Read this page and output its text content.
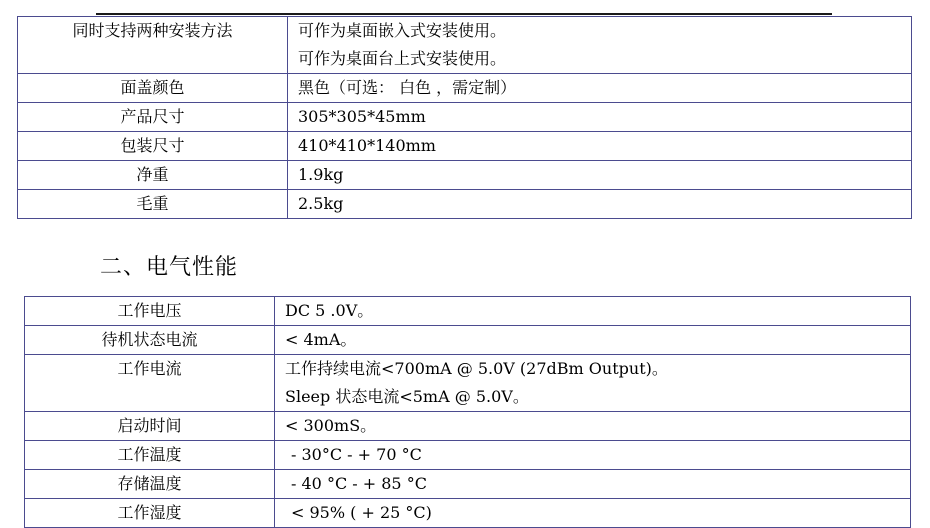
同时支持两种安装方法	可作为桌面嵌入式安装使用。
可作为桌面台上式安装使用。

面盖颜色	黑色（可选： 白色 ，需定制）
产品尺寸	305*305*45mm
包装尺寸	410*410*140mm
净重	1.9kg
毛重	2.5kg
二、电气性能
工作电压	DC 5 .0V。
待机状态电流	< 4mA。
工作电流	工作持续电流<700mA @ 5.0V (27dBm Output)。
Sleep 状态电流<5mA @ 5.0V。

启动时间	< 300mS。
工作温度	- 30°C - + 70 °C
存储温度	- 40 °C - + 85 °C
工作湿度	< 95% ( + 25 °C)
